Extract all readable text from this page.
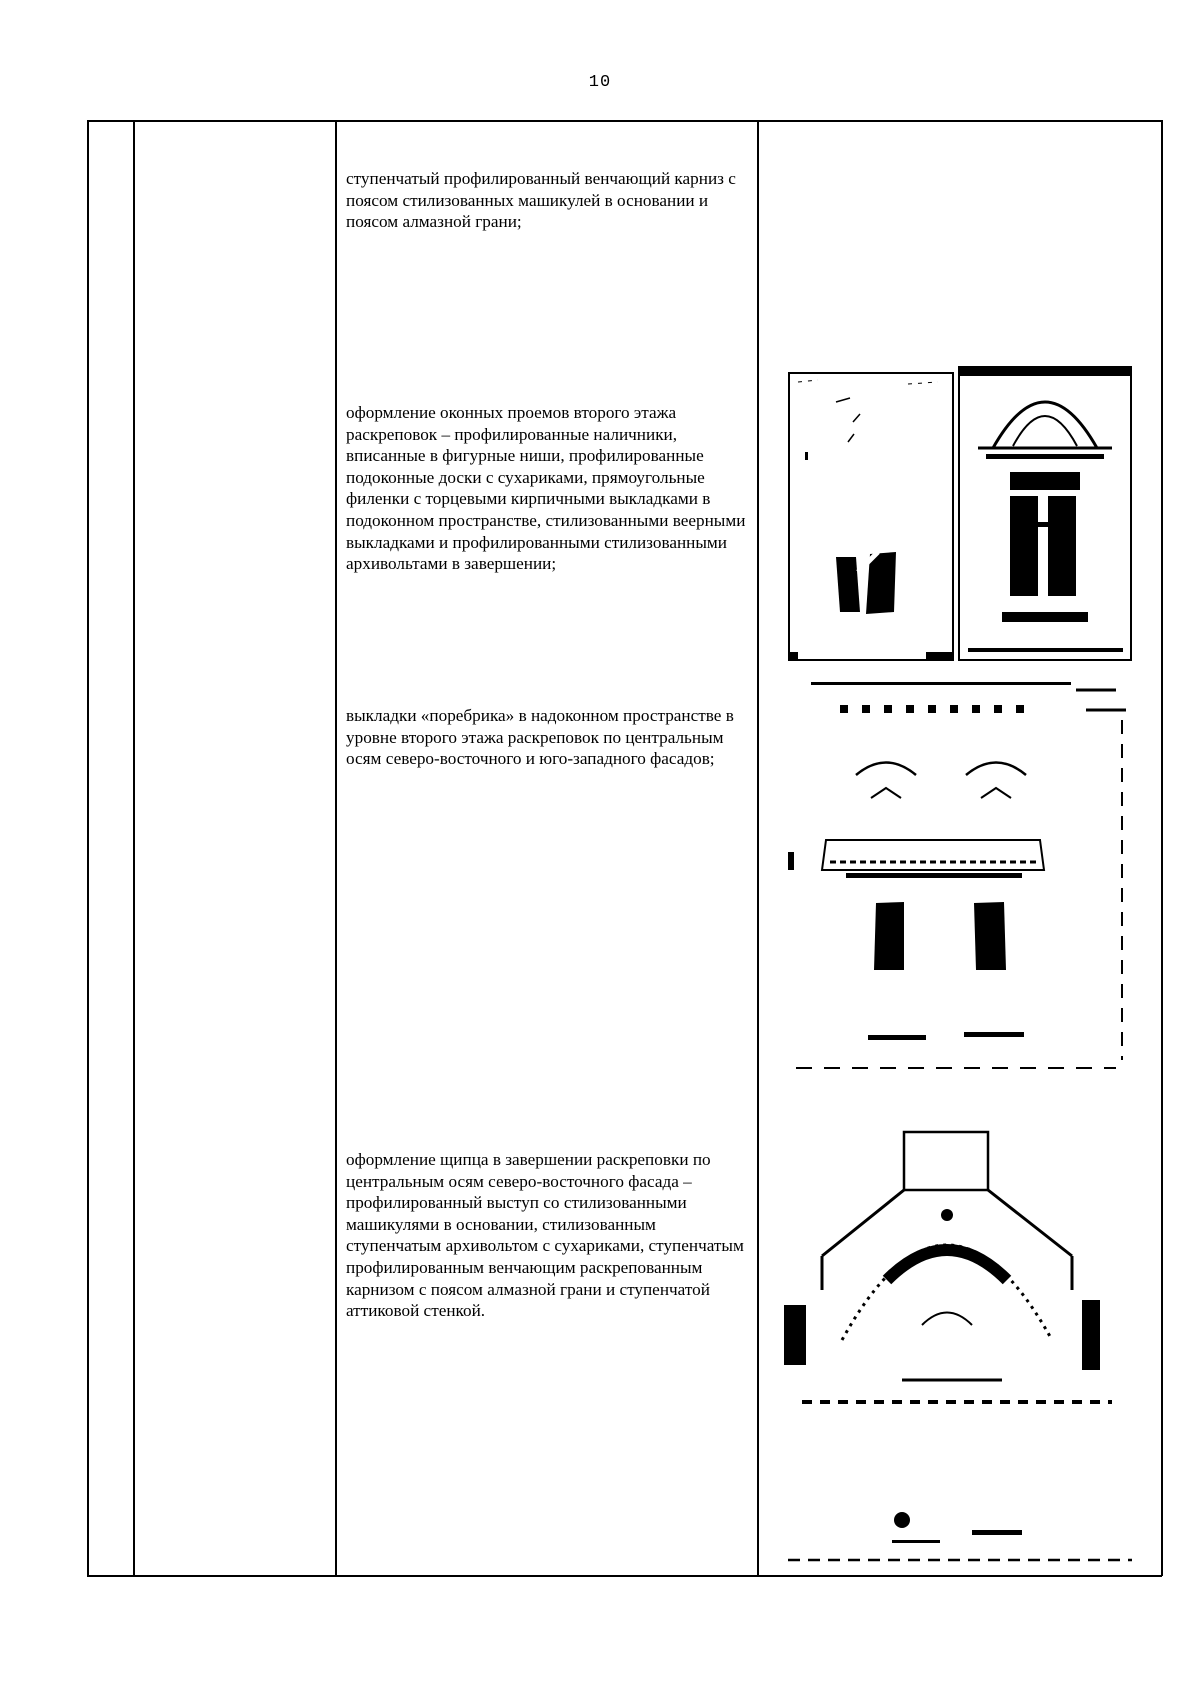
10

ступенчатый профилированный венчающий карниз с поясом стилизованных машикулей в основании и поясом алмазной грани;

оформление оконных проемов второго этажа раскреповок – профилированные наличники, вписанные в фигурные ниши, профилированные подоконные доски с сухариками, прямоугольные филенки с торцевыми кирпичными выкладками в подоконном пространстве, стилизованными веерными выкладками и профилированными стилизованными архивольтами в завершении;

выкладки «поребрика» в надоконном пространстве в уровне второго этажа раскреповок по центральным осям северо-восточного и юго-западного фасадов;

оформление щипца в завершении раскреповки по центральным осям северо-восточного фасада – профилированный выступ со стилизованными машикулями в основании, стилизованным ступенчатым архивольтом с сухариками, ступенчатым профилированным венчающим раскрепованным карнизом с поясом алмазной грани и ступенчатой аттиковой стенкой.
